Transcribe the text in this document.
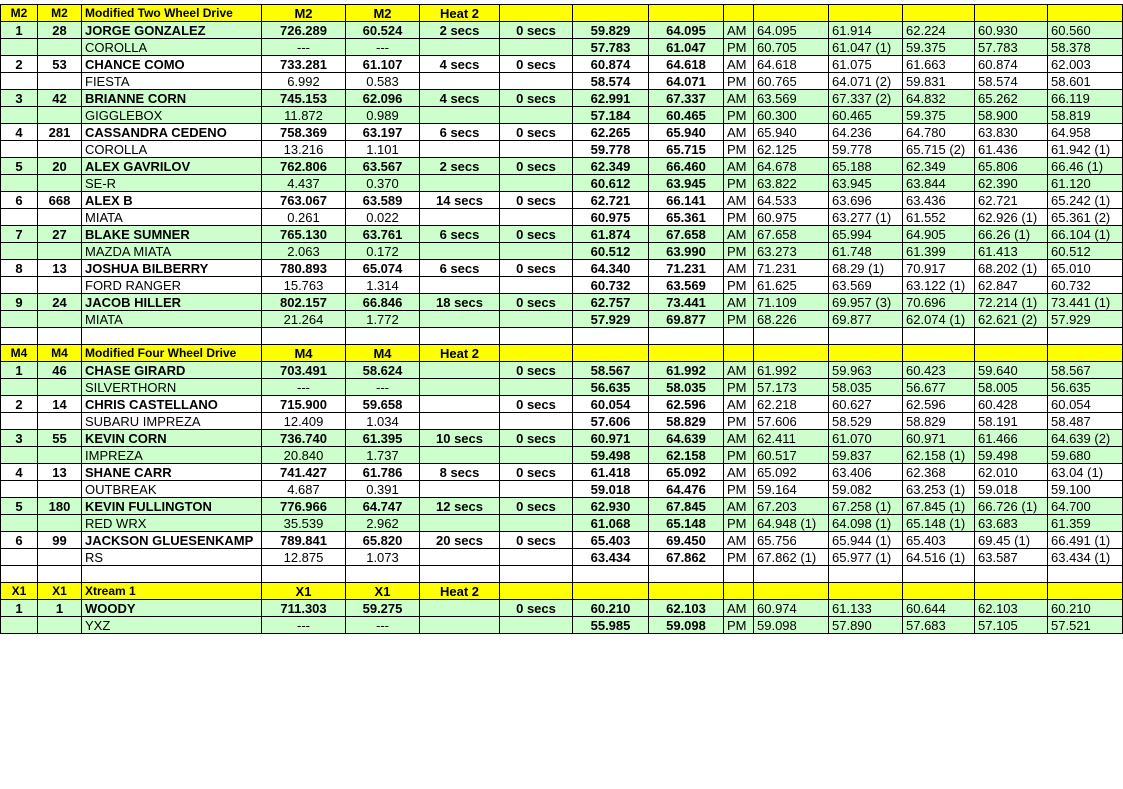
M2	M2	Modified Two Wheel Drive	M2	M2	Heat 2									
1	28	JORGE GONZALEZ	726.289	60.524	2 secs	0 secs	59.829	64.095	AM	64.095	61.914	62.224	60.930	60.560
		COROLLA	---	---			57.783	61.047	PM	60.705	61.047 (1)	59.375	57.783	58.378
2	53	CHANCE COMO	733.281	61.107	4 secs	0 secs	60.874	64.618	AM	64.618	61.075	61.663	60.874	62.003
		FIESTA	6.992	0.583			58.574	64.071	PM	60.765	64.071 (2)	59.831	58.574	58.601
3	42	BRIANNE CORN	745.153	62.096	4 secs	0 secs	62.991	67.337	AM	63.569	67.337 (2)	64.832	65.262	66.119
		GIGGLEBOX	11.872	0.989			57.184	60.465	PM	60.300	60.465	59.375	58.900	58.819
4	281	CASSANDRA CEDENO	758.369	63.197	6 secs	0 secs	62.265	65.940	AM	65.940	64.236	64.780	63.830	64.958
		COROLLA	13.216	1.101			59.778	65.715	PM	62.125	59.778	65.715 (2)	61.436	61.942 (1)
5	20	ALEX GAVRILOV	762.806	63.567	2 secs	0 secs	62.349	66.460	AM	64.678	65.188	62.349	65.806	66.46 (1)
		SE-R	4.437	0.370			60.612	63.945	PM	63.822	63.945	63.844	62.390	61.120
6	668	ALEX B	763.067	63.589	14 secs	0 secs	62.721	66.141	AM	64.533	63.696	63.436	62.721	65.242 (1)
		MIATA	0.261	0.022			60.975	65.361	PM	60.975	63.277 (1)	61.552	62.926 (1)	65.361 (2)
7	27	BLAKE SUMNER	765.130	63.761	6 secs	0 secs	61.874	67.658	AM	67.658	65.994	64.905	66.26 (1)	66.104 (1)
		MAZDA MIATA	2.063	0.172			60.512	63.990	PM	63.273	61.748	61.399	61.413	60.512
8	13	JOSHUA BILBERRY	780.893	65.074	6 secs	0 secs	64.340	71.231	AM	71.231	68.29 (1)	70.917	68.202 (1)	65.010
		FORD RANGER	15.763	1.314			60.732	63.569	PM	61.625	63.569	63.122 (1)	62.847	60.732
9	24	JACOB HILLER	802.157	66.846	18 secs	0 secs	62.757	73.441	AM	71.109	69.957 (3)	70.696	72.214 (1)	73.441 (1)
		MIATA	21.264	1.772			57.929	69.877	PM	68.226	69.877	62.074 (1)	62.621 (2)	57.929

M4	M4	Modified Four Wheel Drive	M4	M4	Heat 2									
1	46	CHASE GIRARD	703.491	58.624		0 secs	58.567	61.992	AM	61.992	59.963	60.423	59.640	58.567
		SILVERTHORN	---	---			56.635	58.035	PM	57.173	58.035	56.677	58.005	56.635
2	14	CHRIS CASTELLANO	715.900	59.658		0 secs	60.054	62.596	AM	62.218	60.627	62.596	60.428	60.054
		SUBARU IMPREZA	12.409	1.034			57.606	58.829	PM	57.606	58.529	58.829	58.191	58.487
3	55	KEVIN CORN	736.740	61.395	10 secs	0 secs	60.971	64.639	AM	62.411	61.070	60.971	61.466	64.639 (2)
		IMPREZA	20.840	1.737			59.498	62.158	PM	60.517	59.837	62.158 (1)	59.498	59.680
4	13	SHANE CARR	741.427	61.786	8 secs	0 secs	61.418	65.092	AM	65.092	63.406	62.368	62.010	63.04 (1)
		OUTBREAK	4.687	0.391			59.018	64.476	PM	59.164	59.082	63.253 (1)	59.018	59.100
5	180	KEVIN FULLINGTON	776.966	64.747	12 secs	0 secs	62.930	67.845	AM	67.203	67.258 (1)	67.845 (1)	66.726 (1)	64.700
		RED WRX	35.539	2.962			61.068	65.148	PM	64.948 (1)	64.098 (1)	65.148 (1)	63.683	61.359
6	99	JACKSON GLUESENKAMP	789.841	65.820	20 secs	0 secs	65.403	69.450	AM	65.756	65.944 (1)	65.403	69.45 (1)	66.491 (1)
		RS	12.875	1.073			63.434	67.862	PM	67.862 (1)	65.977 (1)	64.516 (1)	63.587	63.434 (1)

X1	X1	Xtream 1	X1	X1	Heat 2									
1	1	WOODY	711.303	59.275		0 secs	60.210	62.103	AM	60.974	61.133	60.644	62.103	60.210
		YXZ	---	---			55.985	59.098	PM	59.098	57.890	57.683	57.105	57.521
